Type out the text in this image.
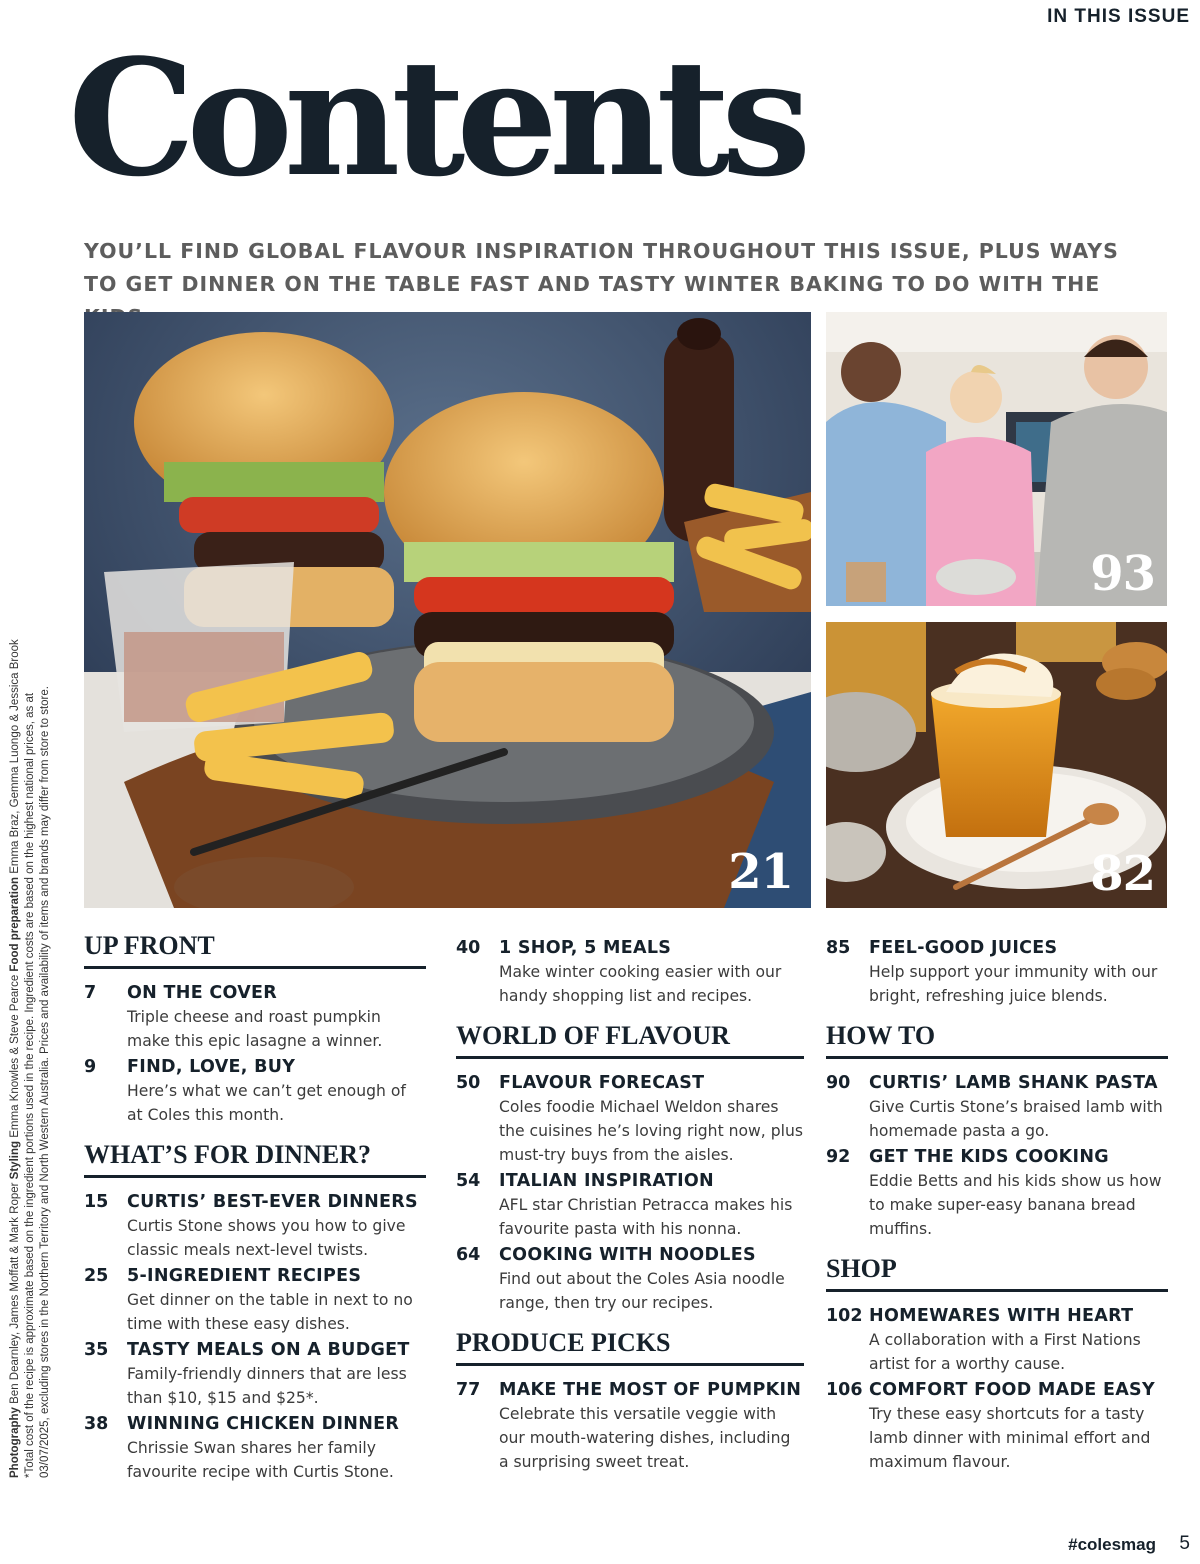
IN THIS ISSUE
Contents

YOU’LL FIND GLOBAL FLAVOUR INSPIRATION THROUGHOUT THIS ISSUE, PLUS WAYS TO GET DINNER ON THE TABLE FAST AND TASTY WINTER BAKING TO DO WITH THE

Photography Ben Dearnley, James Moffatt & Mark Roper Styling Emma Knowles & Steve Pearce Food preparation Emma Braz, Gemma Luongo & Jessica Brook *Total cost of the recipe is approximate based on the ingredient portions used in the recipe. Ingredient costs are based on the highest national prices, as at 03/07/2025, excluding stores in the Northern Territory and North Western Australia. Prices and availability of items and brands may differ from store to store.	21
93
82
UP FRONT
7	ON THE COVER
Triple cheese and roast pumpkin make this epic lasagne a winner.
9	FIND, LOVE, BUY
Here’s what we can’t get enough of at Coles this month.
WHAT’S FOR DINNER?
15	CURTIS’ BEST-EVER DINNERS
Curtis Stone shows you how to give classic meals next-level twists.
25	5-INGREDIENT RECIPES
Get dinner on the table in next to no time with these easy dishes.
35	TASTY MEALS ON A BUDGET
Family-friendly dinners that are less than $10, $15 and $25*.
38	WINNING CHICKEN DINNER
Chrissie Swan shares her family favourite recipe with Curtis Stone.
40	1 SHOP, 5 MEALS
Make winter cooking easier with our handy shopping list and recipes.
WORLD OF FLAVOUR
50	FLAVOUR FORECAST
Coles foodie Michael Weldon shares the cuisines he’s loving right now, plus must-try buys from the aisles.
54	ITALIAN INSPIRATION
AFL star Christian Petracca makes his favourite pasta with his nonna.
64	COOKING WITH NOODLES
Find out about the Coles Asia noodle range, then try our recipes.
PRODUCE PICKS
77	MAKE THE MOST OF PUMPKIN
Celebrate this versatile veggie with our mouth-watering dishes, including a surprising sweet treat.
85	FEEL-GOOD JUICES
Help support your immunity with our bright, refreshing juice blends.
HOW TO
90	CURTIS’ LAMB SHANK PASTA
Give Curtis Stone’s braised lamb with homemade pasta a go.
92	GET THE KIDS COOKING
Eddie Betts and his kids show us how to make super-easy banana bread muffins.
SHOP
102 HOMEWARES WITH HEART
A collaboration with a First Nations artist for a worthy cause.
106 COMFORT FOOD MADE EASY
Try these easy shortcuts for a tasty lamb dinner with minimal effort and maximum flavour.
#colesmag 5
